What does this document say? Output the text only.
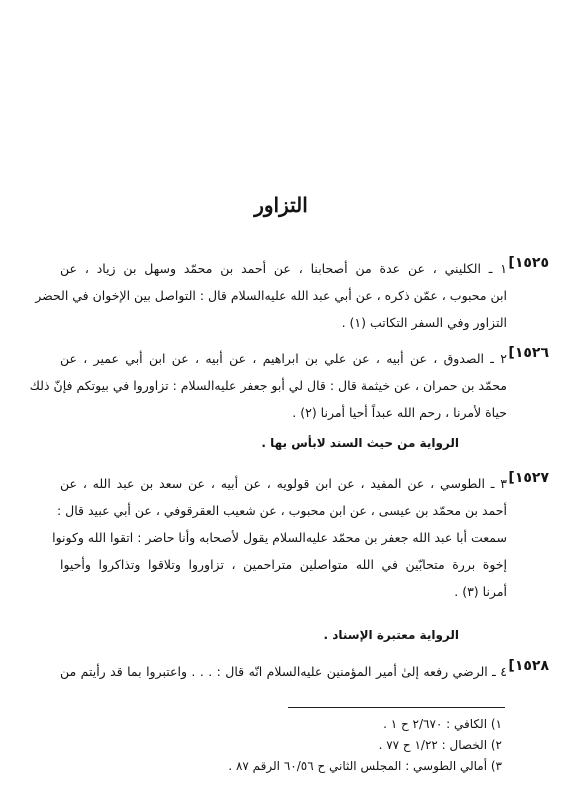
التزاور
١٥٢٥]
١ ـ الكليني ، عن عدة من أصحابنا ، عن أحمد بن محمّد وسهل بن زياد ، عن
ابن محبوب ، عمّن ذكره ، عن أبي عبد الله عليه‌السلام قال : التواصل بين الإخوان في الحضر
التزاور وفي السفر التكاتب (١) .
١٥٢٦]
٢ ـ الصدوق ، عن أبيه ، عن علي بن ابراهيم ، عن أبيه ، عن ابن أبي عمير ، عن
محمّد بن حمران ، عن خيثمة قال : قال لي أبو جعفر عليه‌السلام : تزاوروا في بيوتكم فإنّ ذلك
حياة لأمرنا ، رحم الله عبداً أحيا أمرنا (٢) .
الرواية من حيث السند لابأس بها .
١٥٢٧]
٣ ـ الطوسي ، عن المفيد ، عن ابن قولويه ، عن أبيه ، عن سعد بن عبد الله ، عن
أحمد بن محمّد بن عيسى ، عن ابن محبوب ، عن شعيب العقرقوفي ، عن أبي عبيد قال :
سمعت أبا عبد الله جعفر بن محمّد عليه‌السلام يقول لأصحابه وأنا حاضر : اتقوا الله وكونوا
إخوة بررة متحابّين في الله متواصلين متراحمين ، تزاوروا وتلاقوا وتذاكروا وأحيوا
أمرنا (٣) .
الرواية معتبرة الإسناد .
١٥٢٨]
٤ ـ الرضي رفعه إلىٰ أمير المؤمنين عليه‌السلام انّه قال : . . . واعتبروا بما قد رأيتم من
١) الكافي : ٢/٦٧٠ ح ١ .
٢) الخصال : ١/٢٢ ح ٧٧ .
٣) أمالي الطوسي : المجلس الثاني ح ٦٠/٥٦ الرقم ٨٧ .
